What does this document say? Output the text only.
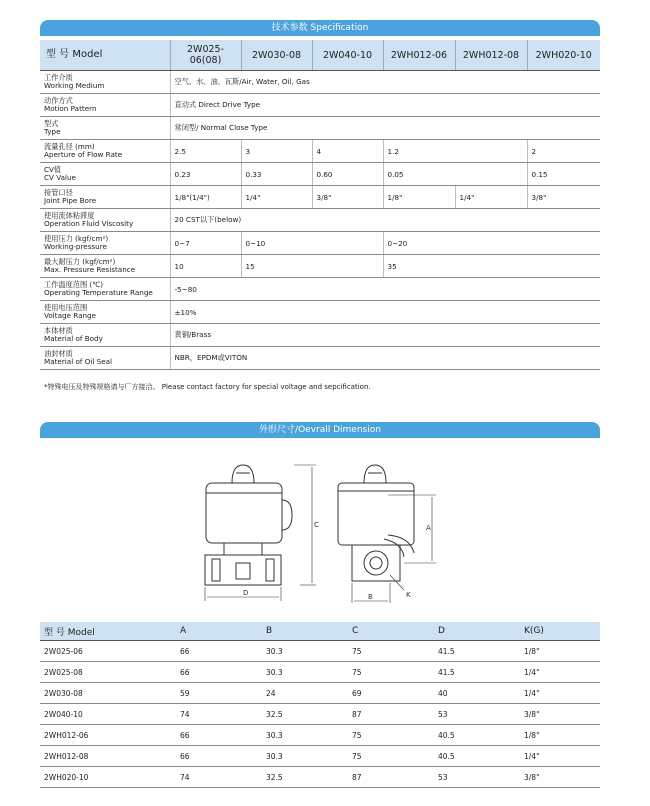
技术参数 Specification
型 号 Model	2W025-06(08)	2W030-08	2W040-10	2WH012-06	2WH012-08	2WH020-10
工作介质
Working Medium	空气、水、油、瓦斯/Air, Water, Oil, Gas					
动作方式
Motion Pattern	直动式 Direct Drive Type					
型式
Type	常闭型/ Normal Close Type					
流量孔径 (mm)
Aperture of Flow Rate	2.5	3	4	1.2		2
CV值
CV Value	0.23	0.33	0.60	0.05		0.15
接管口径
Joint Pipe Bore	1/8"(1/4")	1/4"	3/8"	1/8"	1/4"	3/8"
使用流体粘滞度
Operation Fluid Viscosity	20 CST以下(below)					
使用压力 (kgf/cm²)
Working-pressure	0~7	0~10		0~20		
最大耐压力 (kgf/cm²)
Max. Pressure Resistance	10	15		35		
工作温度范围 (℃)
Operating Temperature Range	-5~80					
使用电压范围
Voltage Range	±10%					
本体材质
Material of Body	黄铜/Brass					
油封材质
Material of Oil Seal	NBR，EPDM或VITON					
*特殊电压及特殊规格请与厂方接洽。 Please contact factory for special voltage and sepcification.
外形尺寸/Oevrall Dimension
D
C	A
B	K
型 号 Model	A	B	C	D	K(G)
2W025-06	66	30.3	75	41.5	1/8"
2W025-08	66	30.3	75	41.5	1/4"
2W030-08	59	24	69	40	1/4"
2W040-10	74	32.5	87	53	3/8"
2WH012-06	66	30.3	75	40.5	1/8"
2WH012-08	66	30.3	75	40.5	1/4"
2WH020-10	74	32.5	87	53	3/8"
